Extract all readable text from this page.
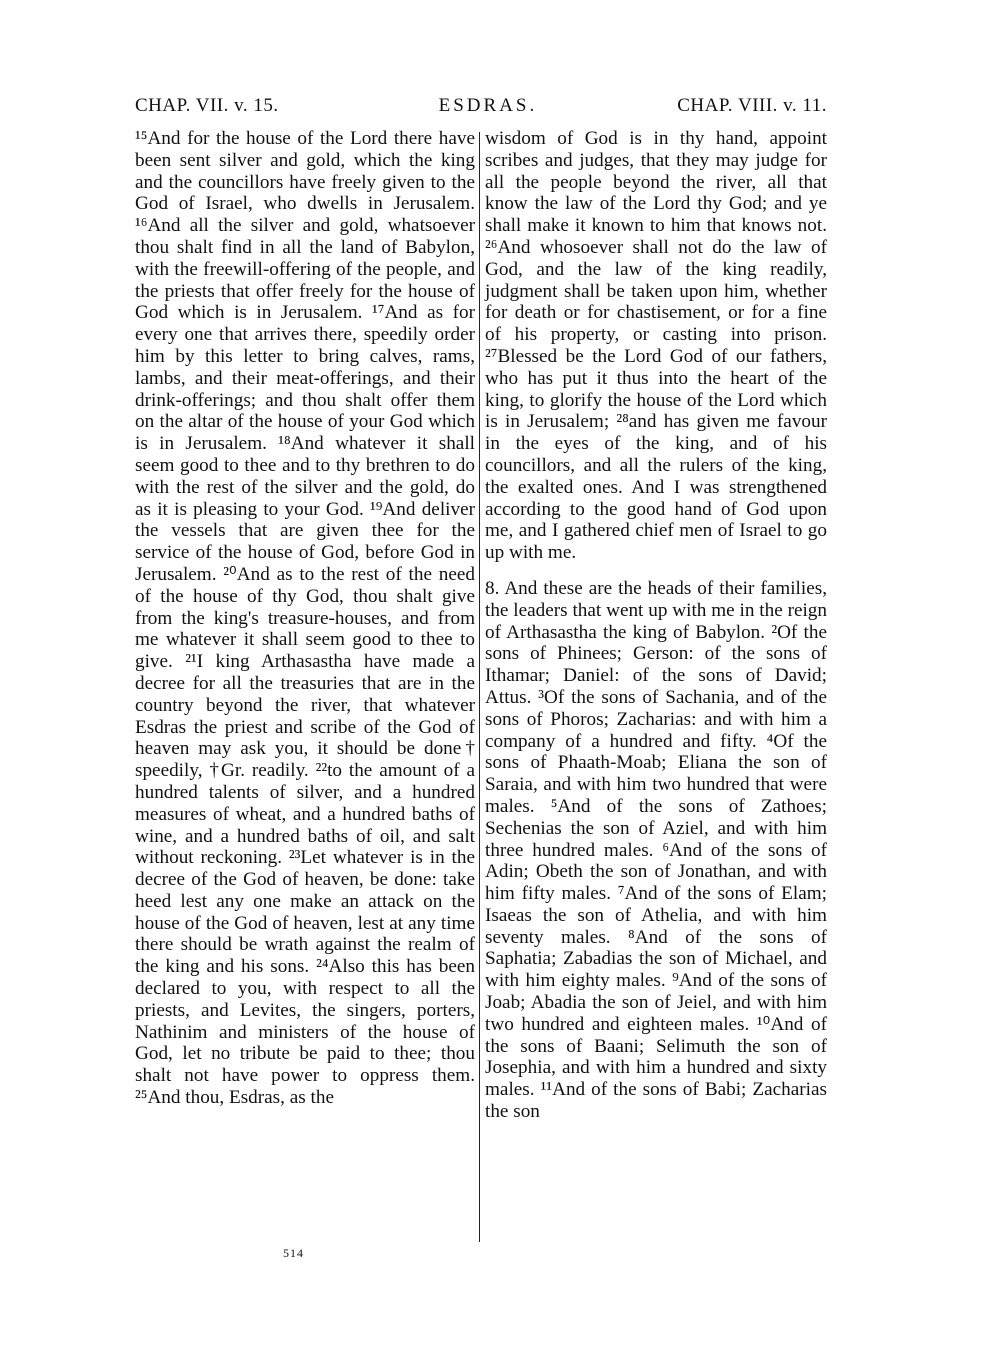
CHAP. VII. v. 15.	ESDRAS.	CHAP. VIII. v. 11.

¹⁵And for the house of the Lord there have been sent silver and gold, which the king and the councillors have freely given to the God of Israel, who dwells in Jerusalem. ¹⁶And all the silver and gold, whatsoever thou shalt find in all the land of Babylon, with the freewill-offering of the people, and the priests that offer freely for the house of God which is in Jerusalem. ¹⁷And as for every one that arrives there, speedily order him by this letter to bring calves, rams, lambs, and their meat-offerings, and their drink-offerings; and thou shalt offer them on the altar of the house of your God which is in Jerusalem. ¹⁸And whatever it shall seem good to thee and to thy brethren to do with the rest of the silver and the gold, do as it is pleasing to your God. ¹⁹And deliver the vessels that are given thee for the service of the house of God, before God in Jerusalem. ²⁰And as to the rest of the need of the house of thy God, thou shalt give from the king's treasure-houses, and from me whatever it shall seem good to thee to give. ²¹I king Arthasastha have made a decree for all the treasuries that are in the country beyond the river, that whatever Esdras the priest and scribe of the God of heaven may ask you, it should be done† speedily, †Gr. readily. ²²to the amount of a hundred talents of silver, and a hundred measures of wheat, and a hundred baths of wine, and a hundred baths of oil, and salt without reckoning. ²³Let whatever is in the decree of the God of heaven, be done: take heed lest any one make an attack on the house of the God of heaven, lest at any time there should be wrath against the realm of the king and his sons. ²⁴Also this has been declared to you, with respect to all the priests, and Levites, the singers, porters, Nathinim and ministers of the house of God, let no tribute be paid to thee; thou shalt not have power to oppress them. ²⁵And thou, Esdras, as the

wisdom of God is in thy hand, appoint scribes and judges, that they may judge for all the people beyond the river, all that know the law of the Lord thy God; and ye shall make it known to him that knows not. ²⁶And whosoever shall not do the law of God, and the law of the king readily, judgment shall be taken upon him, whether for death or for chastisement, or for a fine of his property, or casting into prison. ²⁷Blessed be the Lord God of our fathers, who has put it thus into the heart of the king, to glorify the house of the Lord which is in Jerusalem; ²⁸and has given me favour in the eyes of the king, and of his councillors, and all the rulers of the king, the exalted ones. And I was strengthened according to the good hand of God upon me, and I gathered chief men of Israel to go up with me.

8. And these are the heads of their families, the leaders that went up with me in the reign of Arthasastha the king of Babylon. ²Of the sons of Phinees; Gerson: of the sons of Ithamar; Daniel: of the sons of David; Attus. ³Of the sons of Sachania, and of the sons of Phoros; Zacharias: and with him a company of a hundred and fifty. ⁴Of the sons of Phaath-Moab; Eliana the son of Saraia, and with him two hundred that were males. ⁵And of the sons of Zathoes; Sechenias the son of Aziel, and with him three hundred males. ⁶And of the sons of Adin; Obeth the son of Jonathan, and with him fifty males. ⁷And of the sons of Elam; Isaeas the son of Athelia, and with him seventy males. ⁸And of the sons of Saphatia; Zabadias the son of Michael, and with him eighty males. ⁹And of the sons of Joab; Abadia the son of Jeiel, and with him two hundred and eighteen males. ¹⁰And of the sons of Baani; Selimuth the son of Josephia, and with him a hundred and sixty males. ¹¹And of the sons of Babi; Zacharias the son

514
